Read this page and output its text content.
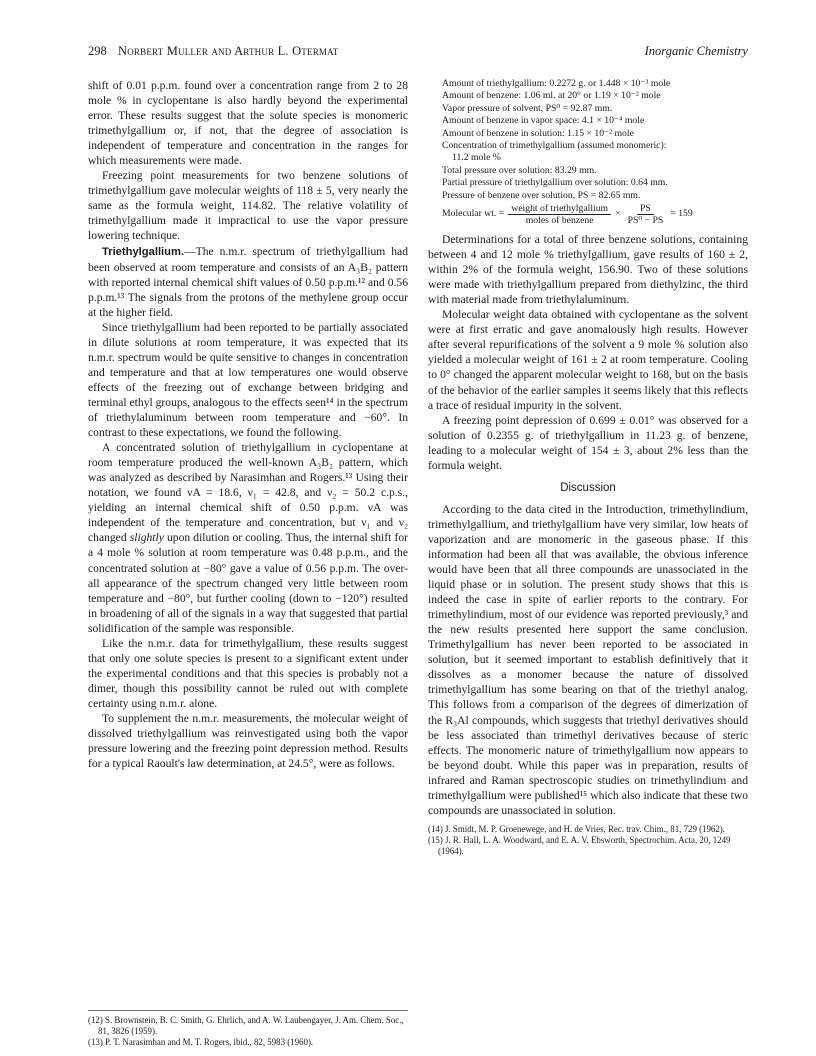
298 Norbert Muller and Arthur L. Otermat	Inorganic Chemistry

shift of 0.01 p.p.m. found over a concentration range from 2 to 28 mole % in cyclopentane is also hardly beyond the experimental error. These results suggest that the solute species is monomeric trimethylgallium or, if not, that the degree of association is independent of temperature and concentration in the ranges for which measurements were made.

Freezing point measurements for two benzene solutions of trimethylgallium gave molecular weights of 118 ± 5, very nearly the same as the formula weight, 114.82. The relative volatility of trimethylgallium made it impractical to use the vapor pressure lowering technique.

Triethylgallium.—The n.m.r. spectrum of triethylgallium had been observed at room temperature and consists of an A₃B₂ pattern with reported internal chemical shift values of 0.50 p.p.m.¹² and 0.56 p.p.m.¹³ The signals from the protons of the methylene group occur at the higher field.

Since triethylgallium had been reported to be partially associated in dilute solutions at room temperature, it was expected that its n.m.r. spectrum would be quite sensitive to changes in concentration and temperature and that at low temperatures one would observe effects of the freezing out of exchange between bridging and terminal ethyl groups, analogous to the effects seen¹⁴ in the spectrum of triethylaluminum between room temperature and −60°. In contrast to these expectations, we found the following.

A concentrated solution of triethylgallium in cyclopentane at room temperature produced the well-known A₃B₂ pattern, which was analyzed as described by Narasimhan and Rogers.¹³ Using their notation, we found νA = 18.6, ν₁ = 42.8, and ν₂ = 50.2 c.p.s., yielding an internal chemical shift of 0.50 p.p.m. νA was independent of the temperature and concentration, but ν₁ and ν₂ changed slightly upon dilution or cooling. Thus, the internal shift for a 4 mole % solution at room temperature was 0.48 p.p.m., and the concentrated solution at −80° gave a value of 0.56 p.p.m. The over-all appearance of the spectrum changed very little between room temperature and −80°, but further cooling (down to −120°) resulted in broadening of all of the signals in a way that suggested that partial solidification of the sample was responsible.

Like the n.m.r. data for trimethylgallium, these results suggest that only one solute species is present to a significant extent under the experimental conditions and that this species is probably not a dimer, though this possibility cannot be ruled out with complete certainty using n.m.r. alone.

To supplement the n.m.r. measurements, the molecular weight of dissolved triethylgallium was reinvestigated using both the vapor pressure lowering and the freezing point depression method. Results for a typical Raoult's law determination, at 24.5°, were as follows.

(12) S. Brownstein, B. C. Smith, G. Ehrlich, and A. W. Laubengayer, J. Am. Chem. Soc., 81, 3826 (1959).
(13) P. T. Narasimhan and M. T. Rogers, ibid., 82, 5983 (1960).
Amount of triethylgallium: 0.2272 g. or 1.448 × 10⁻³ mole
Amount of benzene: 1.06 ml. at 20° or 1.19 × 10⁻² mole
Vapor pressure of solvent, PS⁰ = 92.87 mm.
Amount of benzene in vapor space: 4.1 × 10⁻⁴ mole
Amount of benzene in solution: 1.15 × 10⁻² mole
Concentration of trimethylgallium (assumed monomeric):
11.2 mole %
Total pressure over solution: 83.29 mm.
Partial pressure of triethylgallium over solution: 0.64 mm.
Pressure of benzene over solution, PS = 82.65 mm.
Molecular wt. = $\frac{\text{weight of triethylgallium}}{\text{moles of benzene}} \times \frac{PS}{\text{PS⁰ − PS}} = 159$

Determinations for a total of three benzene solutions, containing between 4 and 12 mole % triethylgallium, gave results of 160 ± 2, within 2% of the formula weight, 156.90. Two of these solutions were made with triethylgallium prepared from diethylzinc, the third with material made from triethylaluminum.

Molecular weight data obtained with cyclopentane as the solvent were at first erratic and gave anomalously high results. However after several repurifications of the solvent a 9 mole % solution also yielded a molecular weight of 161 ± 2 at room temperature. Cooling to 0° changed the apparent molecular weight to 168, but on the basis of the behavior of the earlier samples it seems likely that this reflects a trace of residual impurity in the solvent.

A freezing point depression of 0.699 ± 0.01° was observed for a solution of 0.2355 g. of triethylgallium in 11.23 g. of benzene, leading to a molecular weight of 154 ± 3, about 2% less than the formula weight.

Discussion

According to the data cited in the Introduction, trimethylindium, trimethylgallium, and triethylgallium have very similar, low heats of vaporization and are monomeric in the gaseous phase. If this information had been all that was available, the obvious inference would have been that all three compounds are unassociated in the liquid phase or in solution. The present study shows that this is indeed the case in spite of earlier reports to the contrary. For trimethylindium, most of our evidence was reported previously,³ and the new results presented here support the same conclusion. Trimethylgallium has never been reported to be associated in solution, but it seemed important to establish definitively that it dissolves as a monomer because the nature of dissolved trimethylgallium has some bearing on that of the triethyl analog. This follows from a comparison of the degrees of dimerization of the R₃Al compounds, which suggests that triethyl derivatives should be less associated than trimethyl derivatives because of steric effects. The monomeric nature of trimethylgallium now appears to be beyond doubt. While this paper was in preparation, results of infrared and Raman spectroscopic studies on trimethylindium and trimethylgallium were published¹⁵ which also indicate that these two compounds are unassociated in solution.

(14) J. Smidt, M. P. Groenewege, and H. de Vries, Rec. trav. Chim., 81, 729 (1962).
(15) J. R. Hall, L. A. Woodward, and E. A. V. Ebsworth, Spectrochim. Acta, 20, 1249 (1964).
